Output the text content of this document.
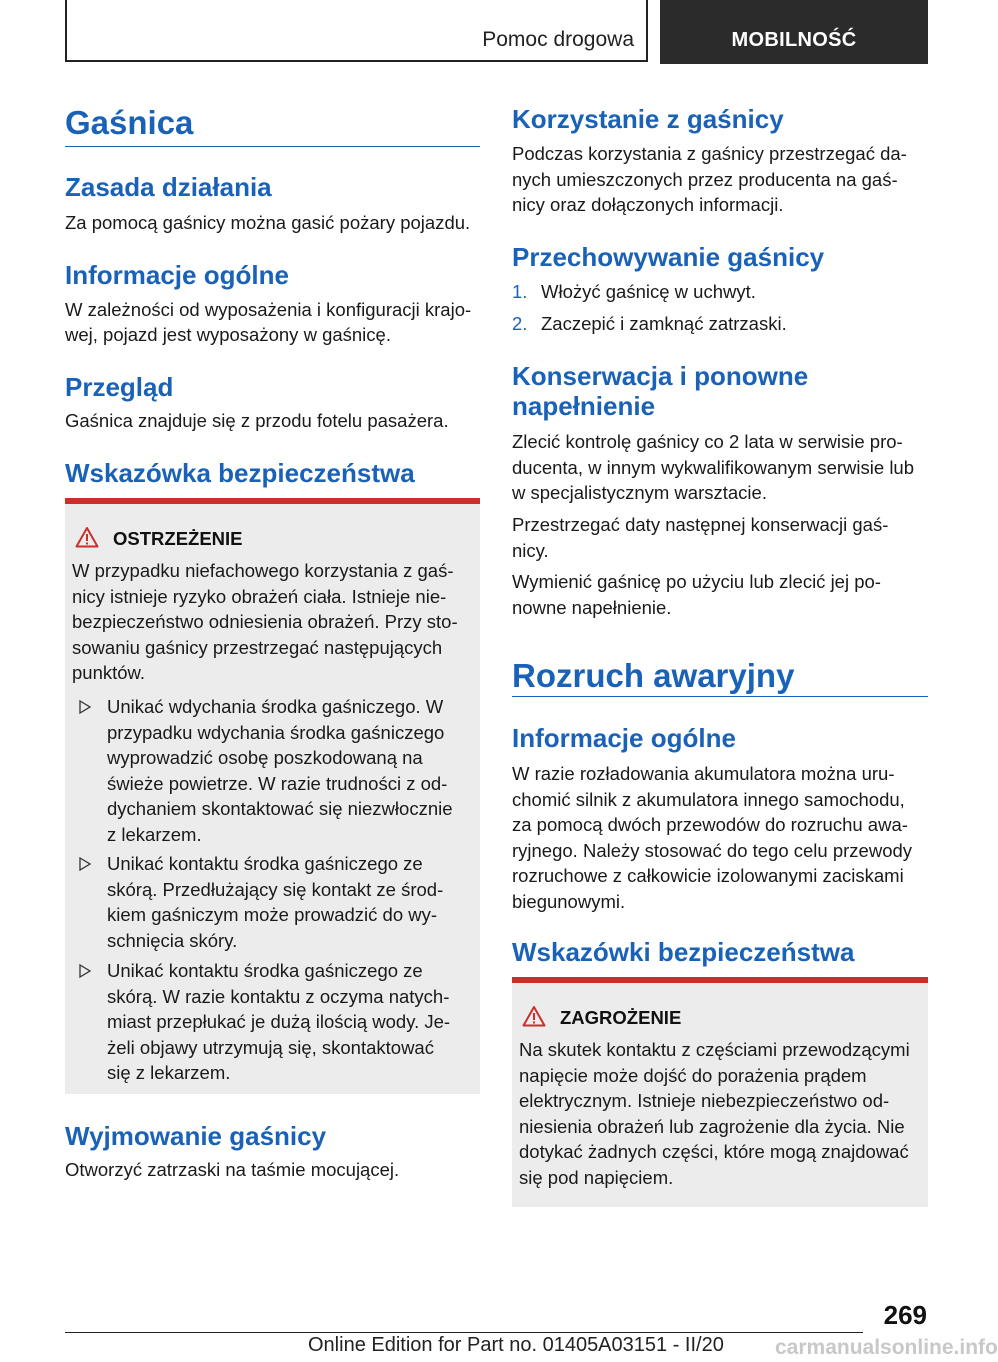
Pomoc drogowa	MOBILNOŚĆ
Gaśnica
Zasada działania
Za pomocą gaśnicy można gasić pożary pojazdu.
Informacje ogólne
W zależności od wyposażenia i konfiguracji krajo-
wej, pojazd jest wyposażony w gaśnicę.
Przegląd
Gaśnica znajduje się z przodu fotelu pasażera.
Wskazówka bezpieczeństwa
OSTRZEŻENIE
W przypadku niefachowego korzystania z gaś-
nicy istnieje ryzyko obrażeń ciała. Istnieje nie-
bezpieczeństwo odniesienia obrażeń. Przy sto-
sowaniu gaśnicy przestrzegać następujących
punktów.
Unikać wdychania środka gaśniczego. W
przypadku wdychania środka gaśniczego
wyprowadzić osobę poszkodowaną na
świeże powietrze. W razie trudności z od-
dychaniem skontaktować się niezwłocznie
z lekarzem.
Unikać kontaktu środka gaśniczego ze
skórą. Przedłużający się kontakt ze środ-
kiem gaśniczym może prowadzić do wy-
schnięcia skóry.
Unikać kontaktu środka gaśniczego ze
skórą. W razie kontaktu z oczyma natych-
miast przepłukać je dużą ilością wody. Je-
żeli objawy utrzymują się, skontaktować
się z lekarzem.
Wyjmowanie gaśnicy
Otworzyć zatrzaski na taśmie mocującej.
Korzystanie z gaśnicy
Podczas korzystania z gaśnicy przestrzegać da-
nych umieszczonych przez producenta na gaś-
nicy oraz dołączonych informacji.
Przechowywanie gaśnicy
1. Włożyć gaśnicę w uchwyt.
2. Zaczepić i zamknąć zatrzaski.
Konserwacja i ponowne
napełnienie
Zlecić kontrolę gaśnicy co 2 lata w serwisie pro-
ducenta, w innym wykwalifikowanym serwisie lub
w specjalistycznym warsztacie.
Przestrzegać daty następnej konserwacji gaś-
nicy.
Wymienić gaśnicę po użyciu lub zlecić jej po-
nowne napełnienie.
Rozruch awaryjny
Informacje ogólne
W razie rozładowania akumulatora można uru-
chomić silnik z akumulatora innego samochodu,
za pomocą dwóch przewodów do rozruchu awa-
ryjnego. Należy stosować do tego celu przewody
rozruchowe z całkowicie izolowanymi zaciskami
biegunowymi.
Wskazówki bezpieczeństwa
ZAGROŻENIE
Na skutek kontaktu z częściami przewodzącymi
napięcie może dojść do porażenia prądem
elektrycznym. Istnieje niebezpieczeństwo od-
niesienia obrażeń lub zagrożenie dla życia. Nie
dotykać żadnych części, które mogą znajdować
się pod napięciem.
269
Online Edition for Part no. 01405A03151 - II/20 carmanualsonline.info
